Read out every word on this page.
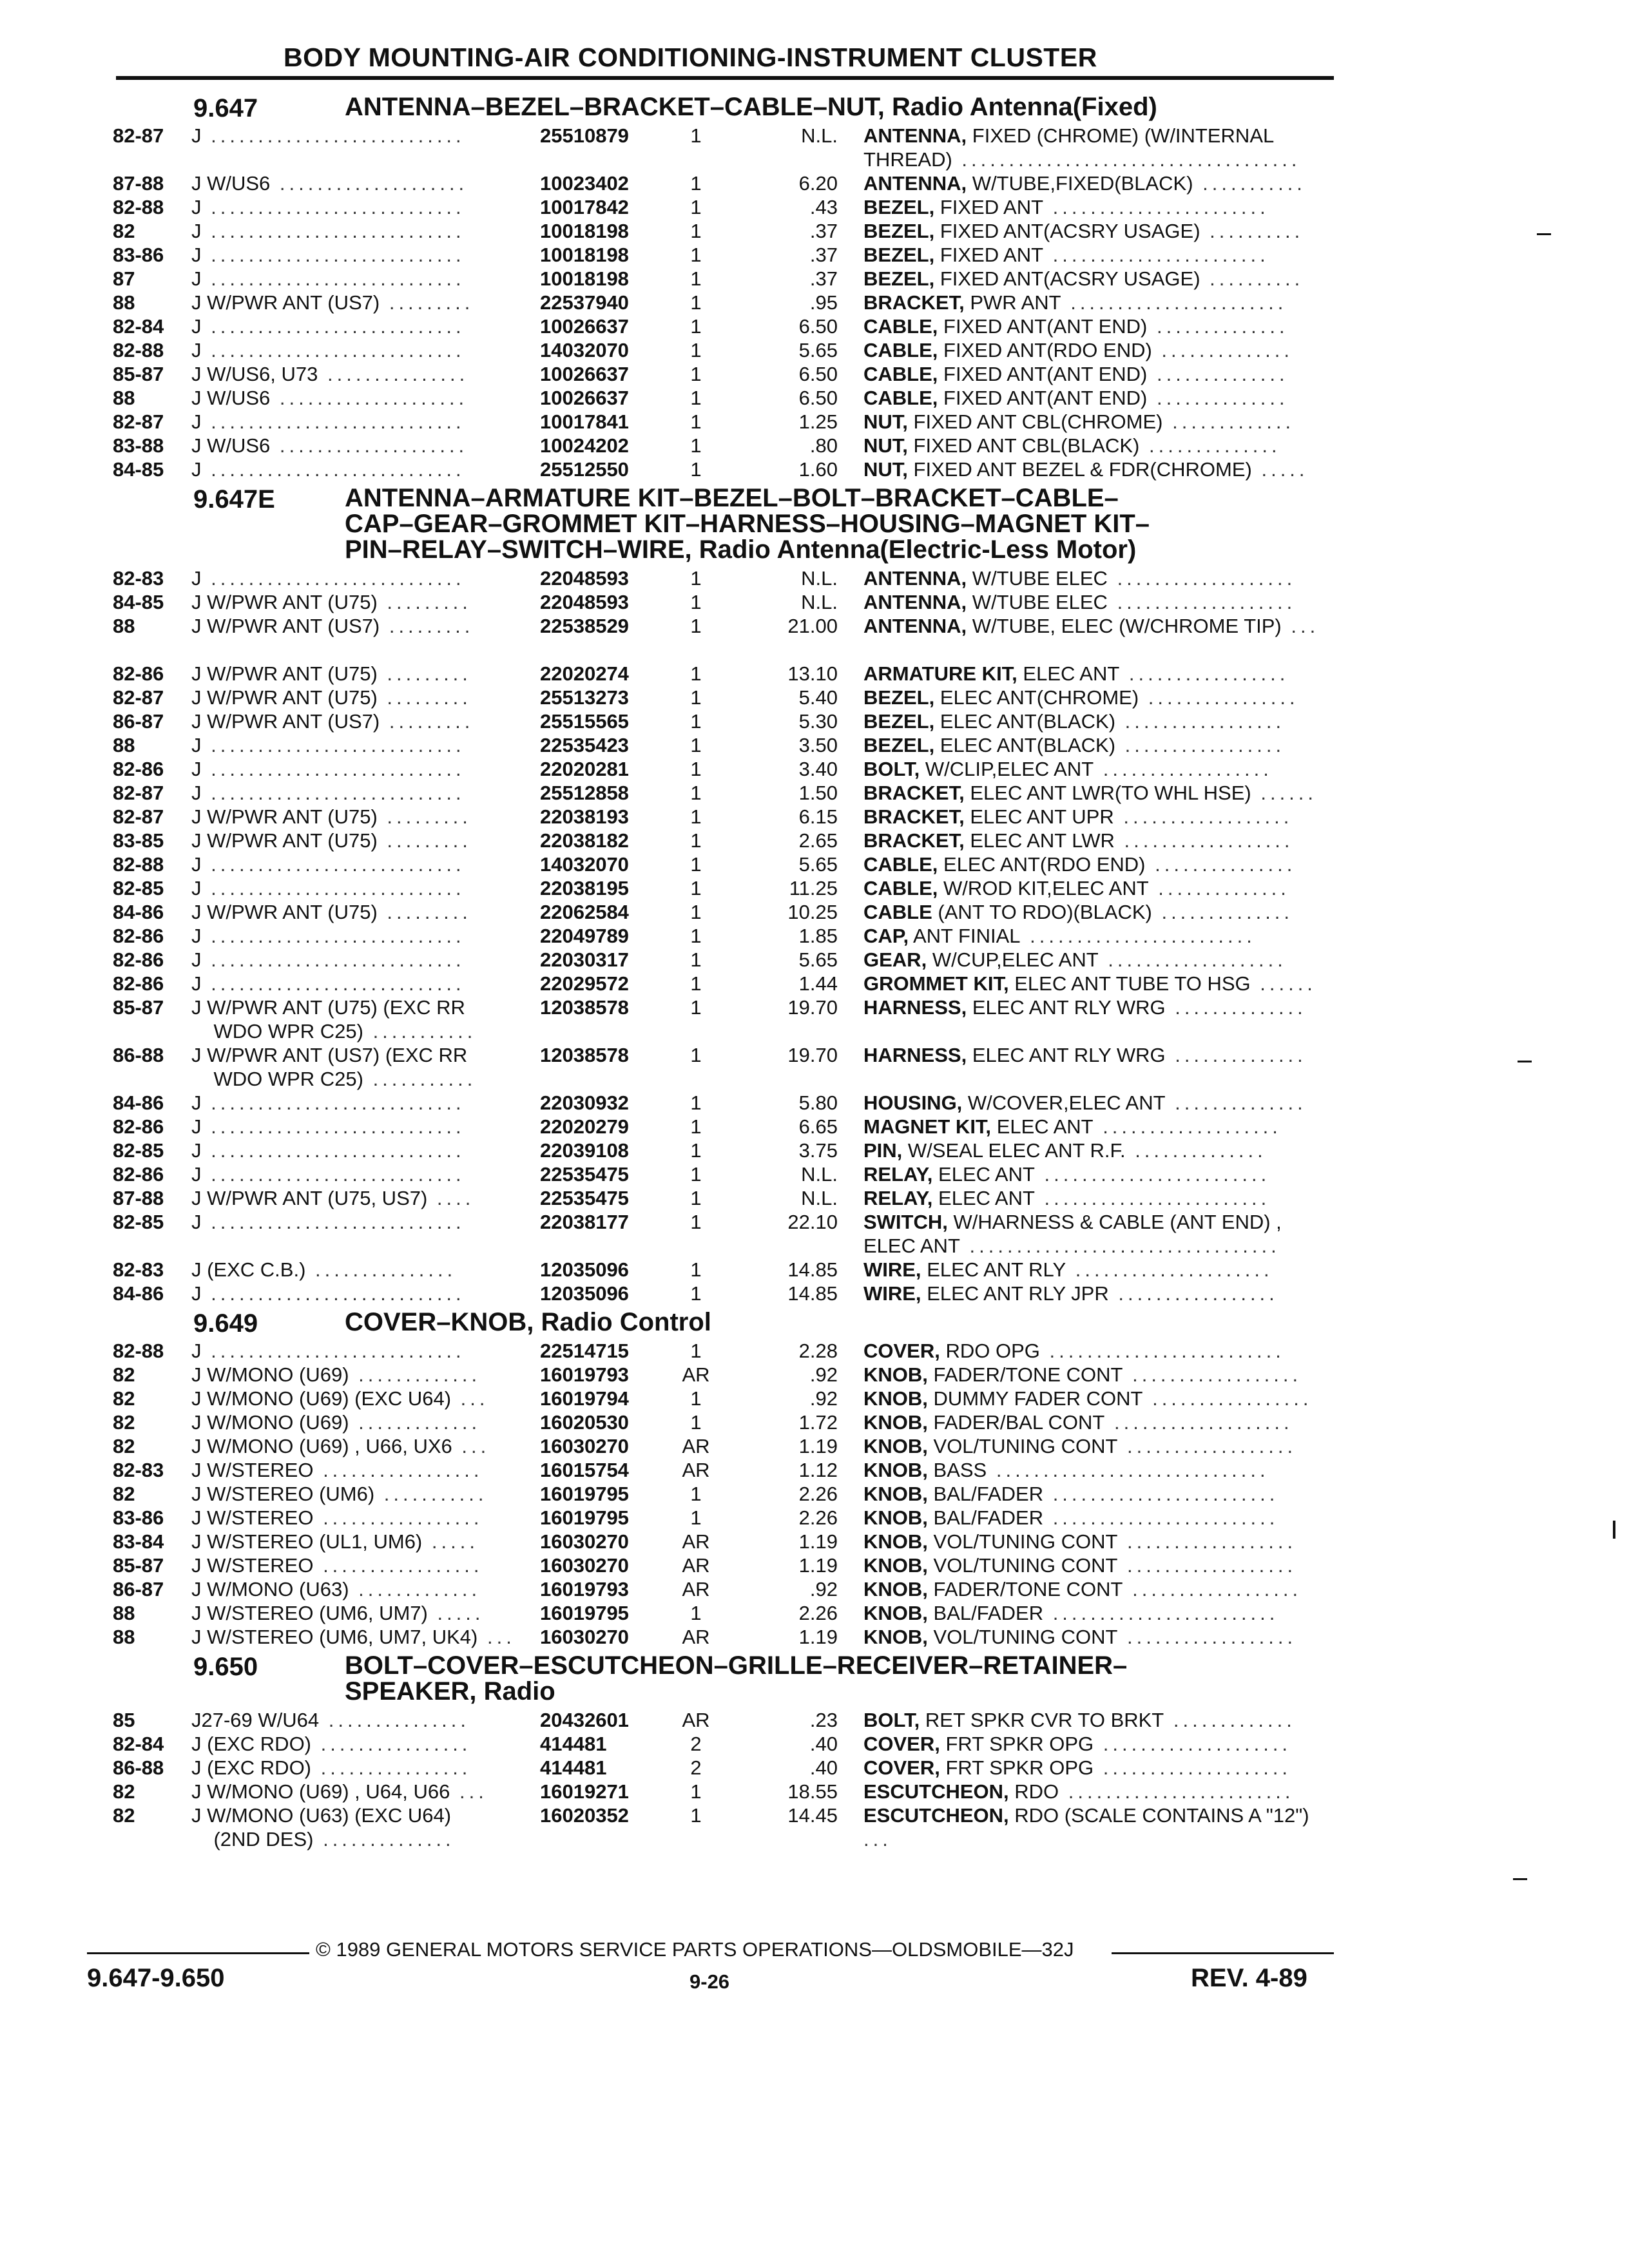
BODY MOUNTING-AIR CONDITIONING-INSTRUMENT CLUSTER
9.647	ANTENNA–BEZEL–BRACKET–CABLE–NUT, Radio Antenna(Fixed)
82-87	J ...........................	25510879	1	N.L. ANTENNA, FIXED (CHROME) (W/INTERNAL THREAD) ....................................
87-88	J W/US6 ....................	10023402	1	6.20 ANTENNA, W/TUBE,FIXED(BLACK) ...........
82-88	J ...........................	10017842	1	.43 BEZEL, FIXED ANT .......................
82	J ...........................	10018198	1	.37 BEZEL, FIXED ANT(ACSRY USAGE) ..........
83-86	J ...........................	10018198	1	.37 BEZEL, FIXED ANT .......................
87	J ...........................	10018198	1	.37 BEZEL, FIXED ANT(ACSRY USAGE) ..........
88	J W/PWR ANT (US7) .........	22537940	1	.95 BRACKET, PWR ANT .......................
82-84	J ...........................	10026637	1	6.50 CABLE, FIXED ANT(ANT END) ..............
82-88	J ...........................	14032070	1	5.65 CABLE, FIXED ANT(RDO END) ..............
85-87	J W/US6, U73 ...............	10026637	1	6.50 CABLE, FIXED ANT(ANT END) ..............
88	J W/US6 ....................	10026637	1	6.50 CABLE, FIXED ANT(ANT END) ..............
82-87	J ...........................	10017841	1	1.25 NUT, FIXED ANT CBL(CHROME) .............
83-88	J W/US6 ....................	10024202	1	.80 NUT, FIXED ANT CBL(BLACK) ..............
84-85	J ...........................	25512550	1	1.60 NUT, FIXED ANT BEZEL & FDR(CHROME) .....
9.647E	ANTENNA–ARMATURE KIT–BEZEL–BOLT–BRACKET–CABLE–
CAP–GEAR–GROMMET KIT–HARNESS–HOUSING–MAGNET KIT–
PIN–RELAY–SWITCH–WIRE, Radio Antenna(Electric-Less Motor)
82-83	J ...........................	22048593	1	N.L. ANTENNA, W/TUBE ELEC ...................
84-85	J W/PWR ANT (U75) .........	22048593	1	N.L. ANTENNA, W/TUBE ELEC ...................
88	J W/PWR ANT (US7) .........	22538529	1	21.00 ANTENNA, W/TUBE, ELEC (W/CHROME TIP) ...
82-86	J W/PWR ANT (U75) .........	22020274	1	13.10 ARMATURE KIT, ELEC ANT .................
82-87	J W/PWR ANT (U75) .........	25513273	1	5.40 BEZEL, ELEC ANT(CHROME) ................
86-87	J W/PWR ANT (US7) .........	25515565	1	5.30 BEZEL, ELEC ANT(BLACK) .................
88	J ...........................	22535423	1	3.50 BEZEL, ELEC ANT(BLACK) .................
82-86	J ...........................	22020281	1	3.40 BOLT, W/CLIP,ELEC ANT ..................
82-87	J ...........................	25512858	1	1.50 BRACKET, ELEC ANT LWR(TO WHL HSE) ......
82-87	J W/PWR ANT (U75) .........	22038193	1	6.15 BRACKET, ELEC ANT UPR ..................
83-85	J W/PWR ANT (U75) .........	22038182	1	2.65 BRACKET, ELEC ANT LWR ..................
82-88	J ...........................	14032070	1	5.65 CABLE, ELEC ANT(RDO END) ...............
82-85	J ...........................	22038195	1	11.25 CABLE, W/ROD KIT,ELEC ANT ..............
84-86	J W/PWR ANT (U75) .........	22062584	1	10.25 CABLE (ANT TO RDO)(BLACK) ..............
82-86	J ...........................	22049789	1	1.85 CAP, ANT FINIAL ........................
82-86	J ...........................	22030317	1	5.65 GEAR, W/CUP,ELEC ANT ...................
82-86	J ...........................	22029572	1	1.44 GROMMET KIT, ELEC ANT TUBE TO HSG ......
85-87	J W/PWR ANT (U75) (EXC RR
WDO WPR C25) ...........
12038578	1	19.70 HARNESS, ELEC ANT RLY WRG ..............
86-88	J W/PWR ANT (US7) (EXC RR
WDO WPR C25) ...........
12038578	1	19.70 HARNESS, ELEC ANT RLY WRG ..............
84-86	J ...........................	22030932	1	5.80 HOUSING, W/COVER,ELEC ANT ..............
82-86	J ...........................	22020279	1	6.65 MAGNET KIT, ELEC ANT ...................
82-85	J ...........................	22039108	1	3.75 PIN, W/SEAL ELEC ANT R.F. ..............
82-86	J ...........................	22535475	1	N.L. RELAY, ELEC ANT ........................
87-88	J W/PWR ANT (U75, US7) ....	22535475	1	N.L. RELAY, ELEC ANT ........................
82-85	J ...........................	22038177	1	22.10 SWITCH, W/HARNESS & CABLE (ANT END) , ELEC ANT .................................
82-83	J (EXC C.B.) ...............	12035096	1	14.85 WIRE, ELEC ANT RLY .....................
84-86	J ...........................	12035096	1	14.85 WIRE, ELEC ANT RLY JPR .................
9.649	COVER–KNOB, Radio Control
82-88	J ...........................	22514715	1	2.28 COVER, RDO OPG .........................
82	J W/MONO (U69) .............	16019793	AR	.92 KNOB, FADER/TONE CONT ..................
82	J W/MONO (U69) (EXC U64) ...	16019794	1	.92 KNOB, DUMMY FADER CONT .................
82	J W/MONO (U69) .............	16020530	1	1.72 KNOB, FADER/BAL CONT ...................
82	J W/MONO (U69) , U66, UX6 ...	16030270	AR	1.19 KNOB, VOL/TUNING CONT ..................
82-83	J W/STEREO .................	16015754	AR	1.12 KNOB, BASS .............................
82	J W/STEREO (UM6) ...........	16019795	1	2.26 KNOB, BAL/FADER ........................
83-86	J W/STEREO .................	16019795	1	2.26 KNOB, BAL/FADER ........................
83-84	J W/STEREO (UL1, UM6) .....	16030270	AR	1.19 KNOB, VOL/TUNING CONT ..................
85-87	J W/STEREO .................	16030270	AR	1.19 KNOB, VOL/TUNING CONT ..................
86-87	J W/MONO (U63) .............	16019793	AR	.92 KNOB, FADER/TONE CONT ..................
88	J W/STEREO (UM6, UM7) .....	16019795	1	2.26 KNOB, BAL/FADER ........................
88	J W/STEREO (UM6, UM7, UK4) ...	16030270	AR	1.19 KNOB, VOL/TUNING CONT ..................
9.650	BOLT–COVER–ESCUTCHEON–GRILLE–RECEIVER–RETAINER–
SPEAKER, Radio
85	J27-69 W/U64 ...............	20432601	AR	.23 BOLT, RET SPKR CVR TO BRKT .............
82-84	J (EXC RDO) ................	414481	2	.40 COVER, FRT SPKR OPG ....................
86-88	J (EXC RDO) ................	414481	2	.40 COVER, FRT SPKR OPG ....................
82	J W/MONO (U69) , U64, U66 ...	16019271	1	18.55 ESCUTCHEON, RDO ........................
82	J W/MONO (U63) (EXC U64)
(2ND DES) ..............
16020352	1	14.45 ESCUTCHEON, RDO (SCALE CONTAINS A "12") ...
© 1989 GENERAL MOTORS SERVICE PARTS OPERATIONS—OLDSMOBILE—32J
9.647-9.650	9-26	REV. 4-89
